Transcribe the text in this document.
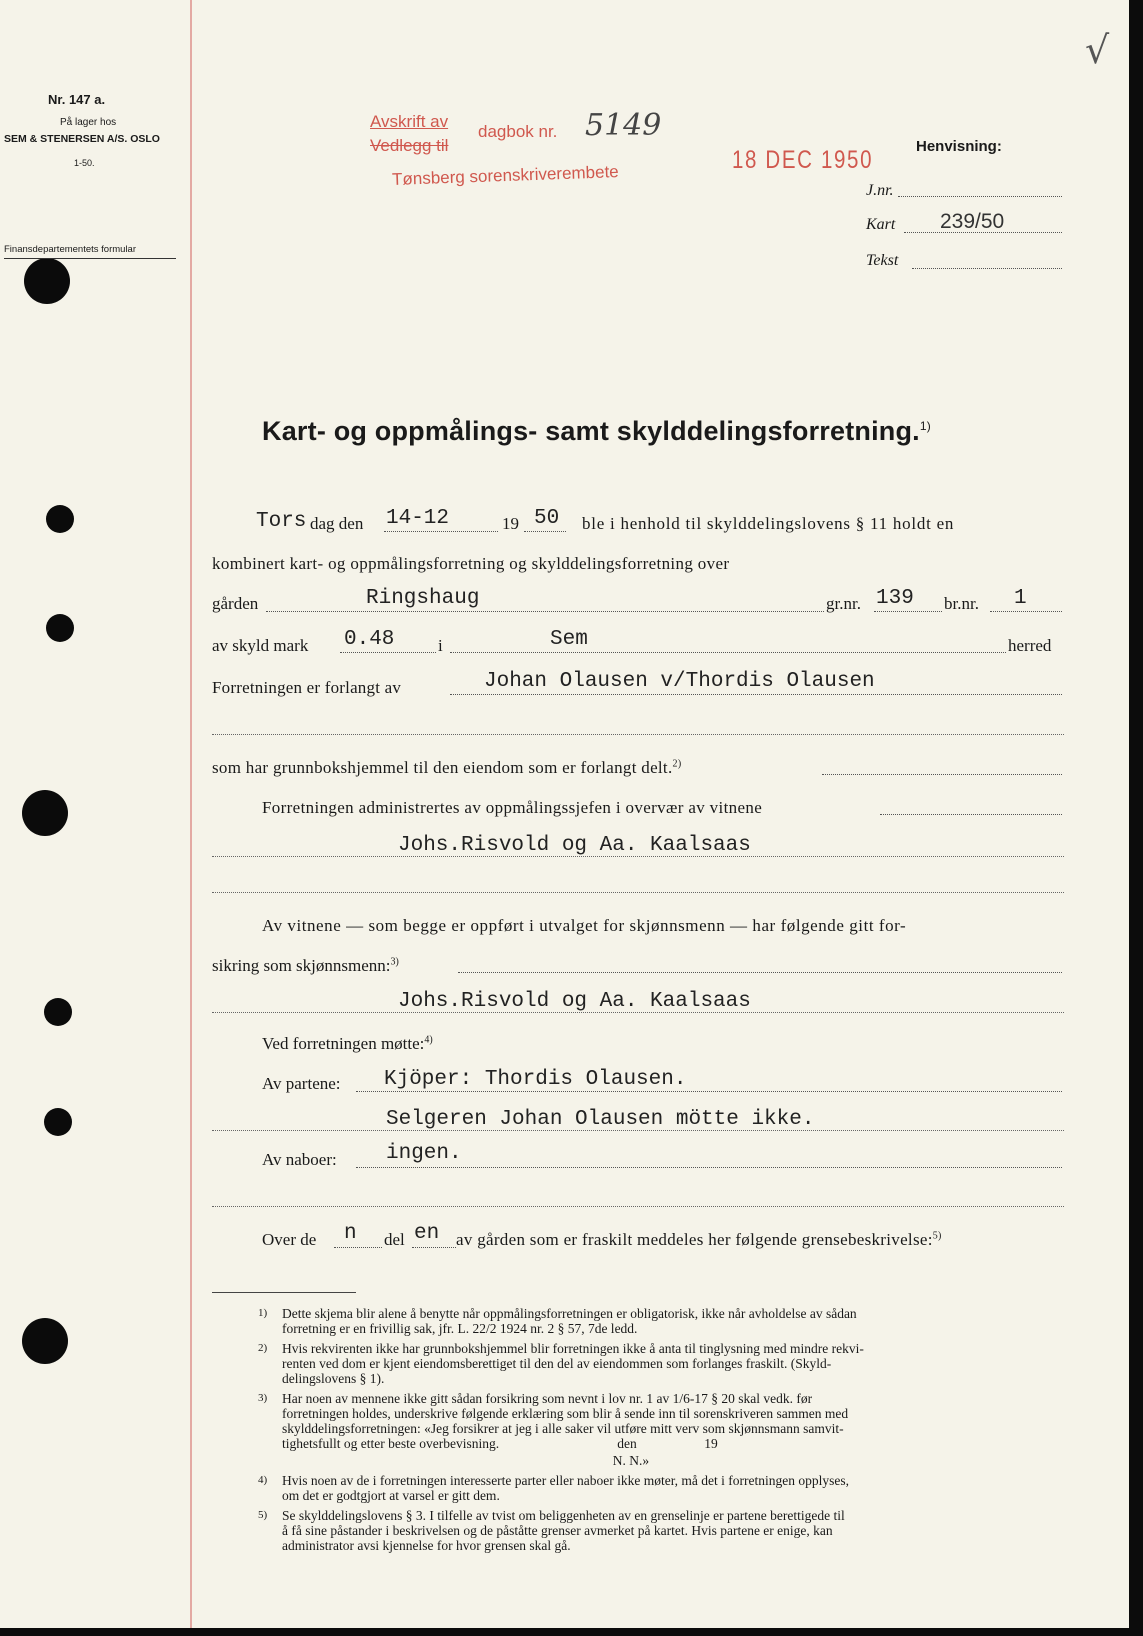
Nr. 147 a.
På lager hos
SEM & STENERSEN A/S. OSLO
1-50.
Finansdepartementets formular
Avskrift av
Vedlegg til
dagbok nr. 5149
Tønsberg sorenskriverembete
18 DEC 1950
√
Henvisning:
J.nr.
Kart 239/50
Tekst
Kart- og oppmålings- samt skylddelingsforretning.$^{1)}$
Tors dag den 14-12	19 50 ble i henhold til skylddelingslovens § 11 holdt en
kombinert kart- og oppmålingsforretning og skylddelingsforretning over
gården	Ringshaug	gr.nr. 139 br.nr. 1
av skyld mark 0.48	i	Sem	herred
Forretningen er forlangt av	Johan Olausen v/Thordis Olausen
som har grunnbokshjemmel til den eiendom som er forlangt delt.$^{2)}$
Forretningen administrertes av oppmålingssjefen i overvær av vitnene
Johs.Risvold og Aa. Kaalsaas
Av vitnene — som begge er oppført i utvalget for skjønnsmenn — har følgende gitt for-
sikring som skjønnsmenn:$^{3)}$
Johs.Risvold og Aa. Kaalsaas
Ved forretningen møtte:$^{4)}$
Av partene: Kjöper: Thordis Olausen.
Selgeren Johan Olausen mötte ikke.
Av naboer: ingen.
Over de n del en av gården som er fraskilt meddeles her følgende grensebeskrivelse:$^{5)}$
1) Dette skjema blir alene å benytte når oppmålingsforretningen er obligatorisk, ikke når avholdelse av sådan
forretning er en frivillig sak, jfr. L. 22/2 1924 nr. 2 § 57, 7de ledd.
2) Hvis rekvirenten ikke har grunnbokshjemmel blir forretningen ikke å anta til tinglysning med mindre rekvi-
renten ved dom er kjent eiendomsberettiget til den del av eiendommen som forlanges fraskilt. (Skyld-
delingslovens § 1).
3) Har noen av mennene ikke gitt sådan forsikring som nevnt i lov nr. 1 av 1/6-17 § 20 skal vedk. før
forretningen holdes, underskrive følgende erklæring som blir å sende inn til sorenskriveren sammen med
skylddelingsforretningen: «Jeg forsikrer at jeg i alle saker vil utføre mitt verv som skjønnsmann samvit-
tighetsfullt og etter beste overbevisning.                                   den                    19
N. N.»
4) Hvis noen av de i forretningen interesserte parter eller naboer ikke møter, må det i forretningen opplyses,
om det er godtgjort at varsel er gitt dem.
5) Se skylddelingslovens § 3. I tilfelle av tvist om beliggenheten av en grenselinje er partene berettigede til
å få sine påstander i beskrivelsen og de påståtte grenser avmerket på kartet. Hvis partene er enige, kan
administrator avsi kjennelse for hvor grensen skal gå.
